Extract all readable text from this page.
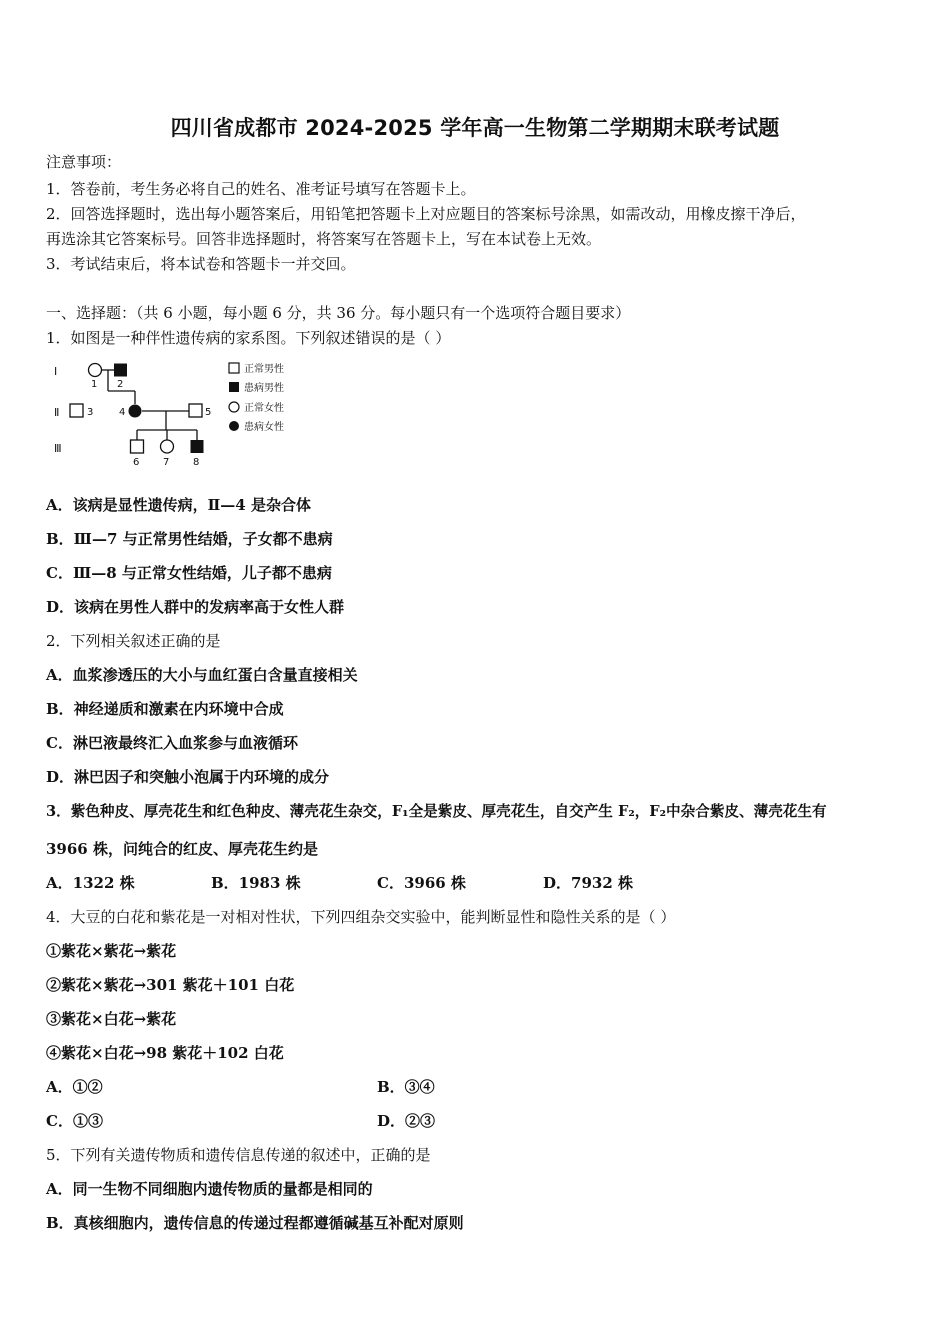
四川省成都市 2024-2025 学年高一生物第二学期期末联考试题
注意事项：
1．答卷前，考生务必将自己的姓名、准考证号填写在答题卡上。
2．回答选择题时，选出每小题答案后，用铅笔把答题卡上对应题目的答案标号涂黑，如需改动，用橡皮擦干净后，
再选涂其它答案标号。回答非选择题时，将答案写在答题卡上，写在本试卷上无效。
3．考试结束后，将本试卷和答题卡一并交回。
一、选择题：（共 6 小题，每小题 6 分，共 36 分。每小题只有一个选项符合题目要求）
1．如图是一种伴性遗传病的家系图。下列叙述错误的是（ ）
Ⅰ
Ⅱ
Ⅲ
1 2
3	4	5
6 7 8
正常男性
患病男性
正常女性
患病女性
A．该病是显性遗传病，Ⅱ—4 是杂合体
B．Ⅲ—7 与正常男性结婚，子女都不患病
C．Ⅲ—8 与正常女性结婚，儿子都不患病
D．该病在男性人群中的发病率高于女性人群
2．下列相关叙述正确的是
A．血浆渗透压的大小与血红蛋白含量直接相关
B．神经递质和激素在内环境中合成
C．淋巴液最终汇入血浆参与血液循环
D．淋巴因子和突触小泡属于内环境的成分
3．紫色种皮、厚壳花生和红色种皮、薄壳花生杂交，F₁全是紫皮、厚壳花生，自交产生 F₂，F₂中杂合紫皮、薄壳花生有
3966 株，问纯合的红皮、厚壳花生约是
A．1322 株	B．1983 株	C．3966 株	D．7932 株
4．大豆的白花和紫花是一对相对性状，下列四组杂交实验中，能判断显性和隐性关系的是（ ）
①紫花×紫花→紫花
②紫花×紫花→301 紫花＋101 白花
③紫花×白花→紫花
④紫花×白花→98 紫花＋102 白花
A．①②	B．③④
C．①③	D．②③
5．下列有关遗传物质和遗传信息传递的叙述中，正确的是
A．同一生物不同细胞内遗传物质的量都是相同的
B．真核细胞内，遗传信息的传递过程都遵循碱基互补配对原则
